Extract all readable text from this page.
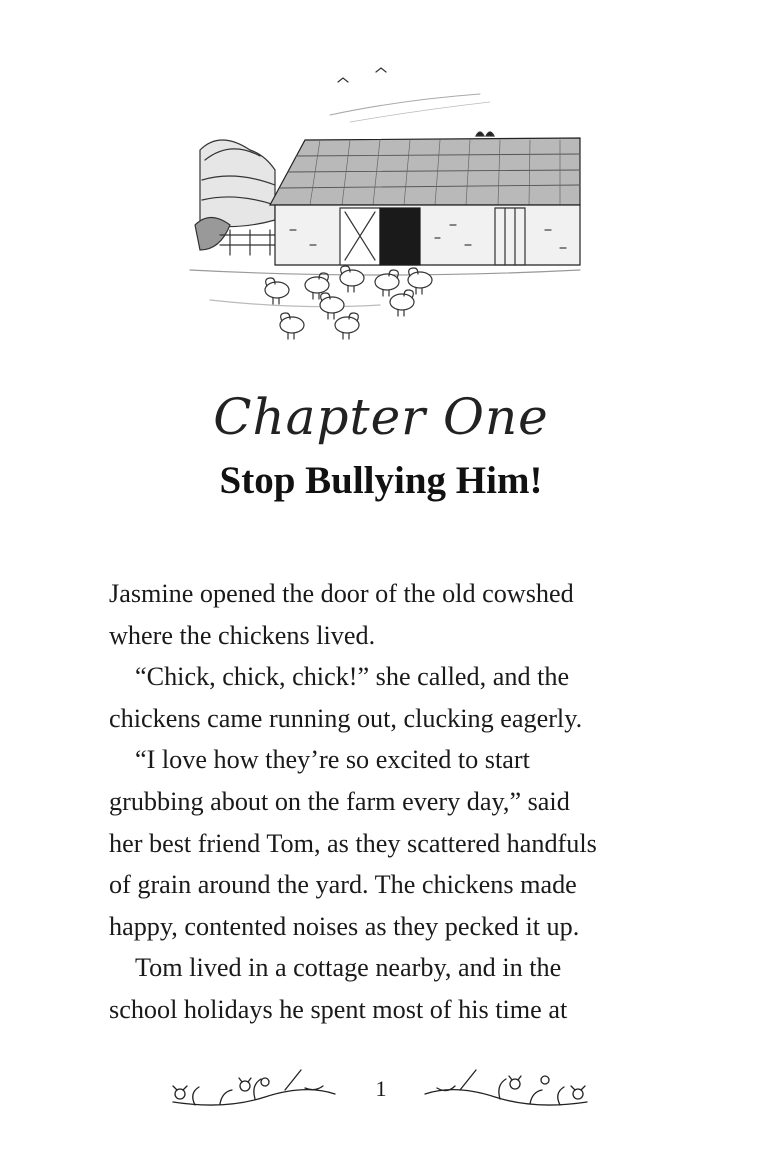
Chapter One
Stop Bullying Him!

Jasmine opened the door of the old cowshed

where the chickens lived.

“Chick, chick, chick!” she called, and the

chickens came running out, clucking eagerly.

“I love how they’re so excited to start

grubbing about on the farm every day,” said

her best friend Tom, as they scattered handfuls

of grain around the yard. The chickens made

happy, contented noises as they pecked it up.

Tom lived in a cottage nearby, and in the

school holidays he spent most of his time at

1
